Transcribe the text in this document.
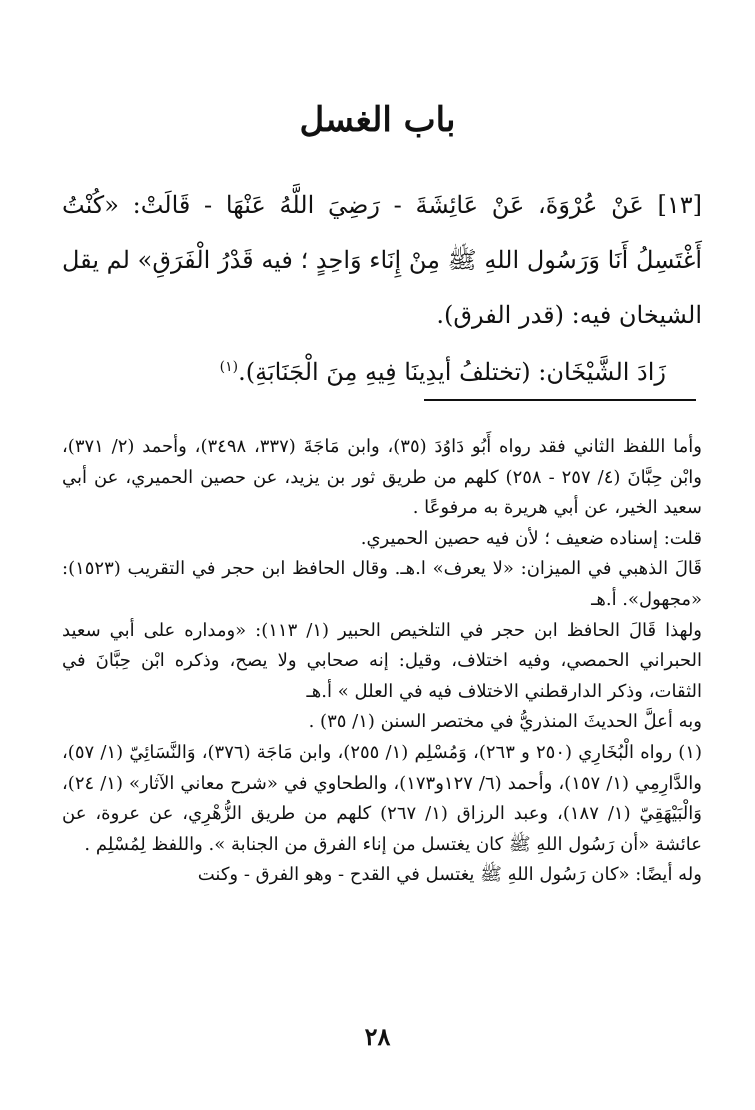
باب الغسل

[١٣] عَنْ عُرْوَةَ، عَنْ عَائِشَةَ - رَضِيَ اللَّهُ عَنْهَا - قَالَتْ: «كُنْتُ أَغْتَسِلُ أَنَا وَرَسُول اللهِ ﷺ مِنْ إِنَاء وَاحِدٍ ؛ فيه قَدْرُ الْفَرَقِ» لم يقل الشيخان فيه: (قدر الفرق).

زَادَ الشَّيْخَان: (تختلفُ أيدِينَا فِيهِ مِنَ الْجَنَابَةِ).$^{(١)}$

وأما اللفظ الثاني فقد رواه أَبُو دَاوُدَ (٣٥)، وابن مَاجَةَ (٣٣٧، ٣٤٩٨)، وأحمد (٢/ ٣٧١)، وابْن حِبَّانَ (٤/ ٢٥٧ - ٢٥٨) كلهم من طريق ثور بن يزيد، عن حصين الحميري، عن أبي سعيد الخير، عن أبي هريرة به مرفوعًا .

قلت: إسناده ضعيف ؛ لأن فيه حصين الحميري.

قَالَ الذهبي في الميزان: «لا يعرف» ا.هـ. وقال الحافظ ابن حجر في التقريب (١٥٢٣): «مجهول». أ.هـ

ولهذا قَالَ الحافظ ابن حجر في التلخيص الحبير (١/ ١١٣): «ومداره على أبي سعيد الحبراني الحمصي، وفيه اختلاف، وقيل: إنه صحابي ولا يصح، وذكره ابْن حِبَّانَ في الثقات، وذكر الدارقطني الاختلاف فيه في العلل » أ.هـ

وبه أعلَّ الحديثَ المنذريُّ في مختصر السنن (١/ ٣٥) .

(١) رواه الْبُخَارِي (٢٥٠ و ٢٦٣)، وَمُسْلِم (١/ ٢٥٥)، وابن مَاجَة (٣٧٦)، وَالنَّسَائِيّ (١/ ٥٧)، والدَّارِمِي (١/ ١٥٧)، وأحمد (٦/ ١٢٧و١٧٣)، والطحاوي في «شرح معاني الآثار» (١/ ٢٤)، وَالْبَيْهَقِيّ (١/ ١٨٧)، وعبد الرزاق (١/ ٢٦٧) كلهم من طريق الزُّهْرِي، عن عروة، عن عائشة «أن رَسُول اللهِ ﷺ كان يغتسل من إناء الفرق من الجنابة ». واللفظ لِمُسْلِم .

وله أيضًا: «كان رَسُول اللهِ ﷺ يغتسل في القدح - وهو الفرق - وكنت

٢٨
